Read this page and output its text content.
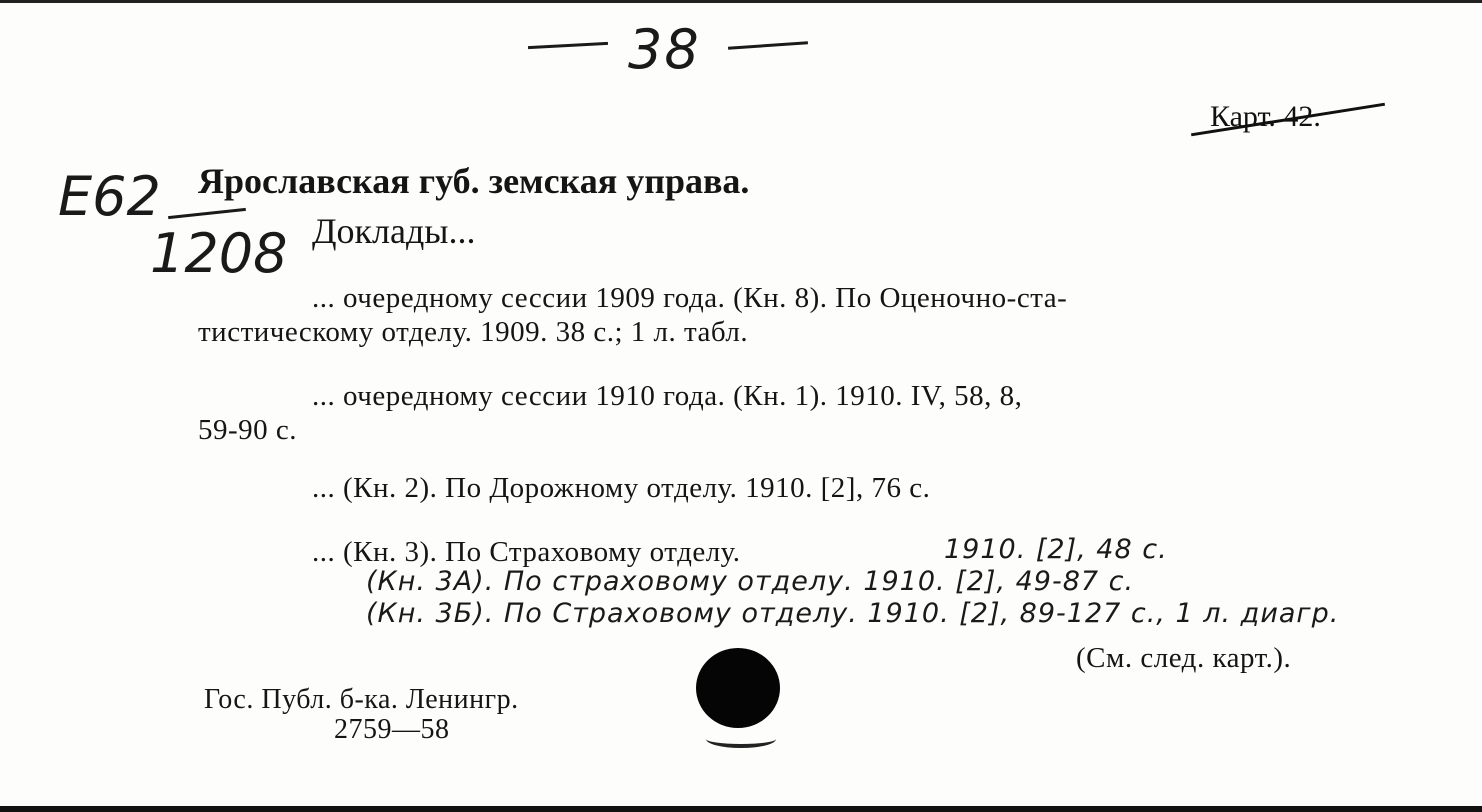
38
Карт. 42.
E62
1208
Ярославская губ. земская управа.
Доклады...
... очередному сессии 1909 года. (Кн. 8). По Оценочно-ста-
тистическому отделу. 1909. 38 с.; 1 л. табл.
... очередному сессии 1910 года. (Кн. 1). 1910. IV, 58, 8,
59-90 с.
... (Кн. 2). По Дорожному отделу. 1910. [2], 76 с.
... (Кн. 3). По Страховому отделу.	1910. [2], 48 с.
(Кн. 3А). По страховому отделу. 1910. [2], 49-87 с.
(Кн. 3Б). По Страховому отделу. 1910. [2], 89-127 с., 1 л. диагр.
(См. след. карт.).
Гос. Публ. б-ка. Ленингр.
2759—58
